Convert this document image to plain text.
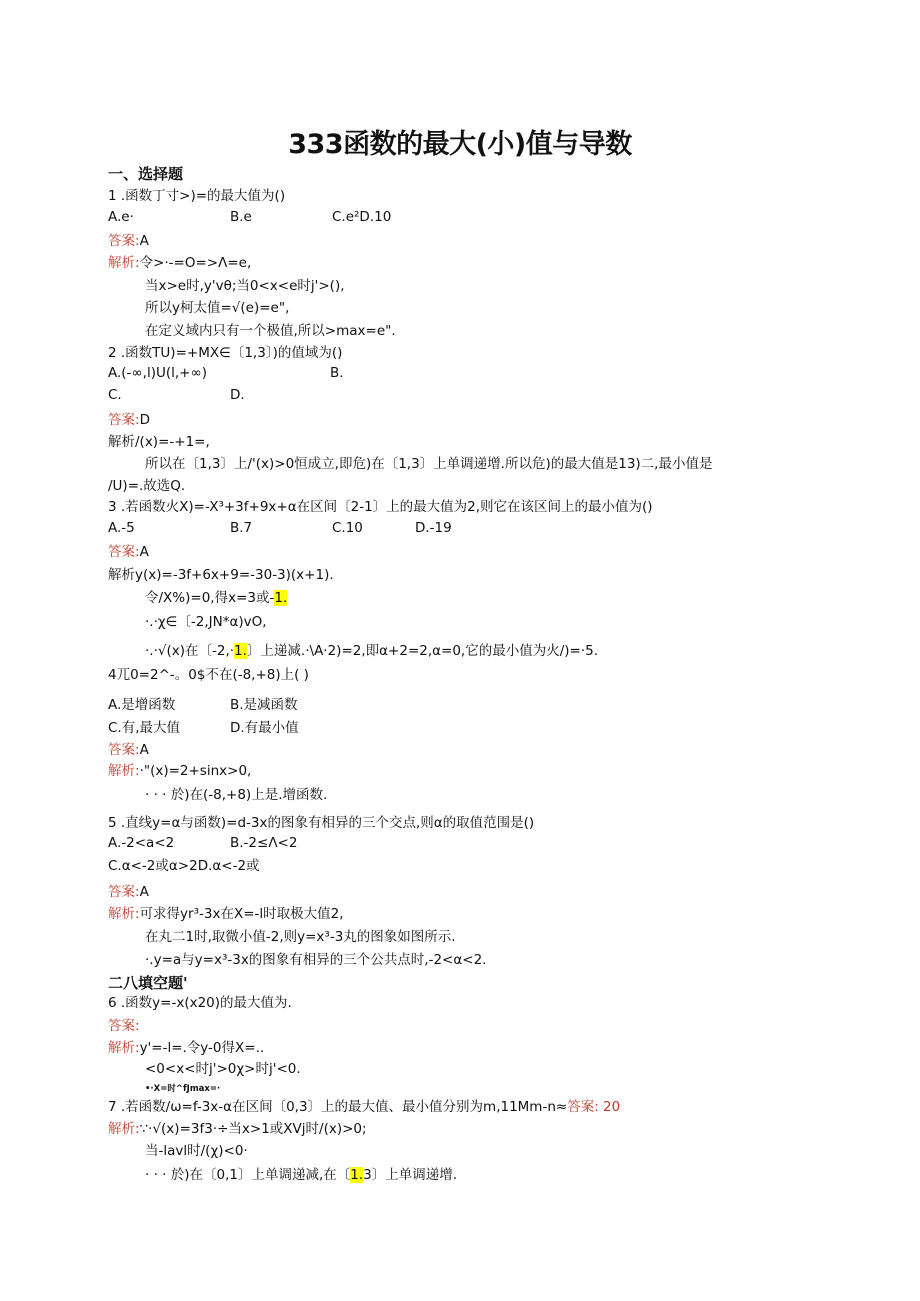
333函数的最大(小)值与导数
一、选择题
1 .函数丁寸>)=的最大值为()
A.e·	B.e	C.e²D.10
答案:A
解析:令>·-=O=>Λ=e,
当x>e时,y'vθ;当0<x<e时j'>(),
所以y柯太值=√(e)=e",
在定义域内只有一个极值,所以>max=e".
2 .函数TU)=+MX∈〔1,3〕)的值域为()
A.(-∞,l)U(l,+∞)	B.
C.	D.
答案:D
解析/(x)=-+1=,
所以在〔1,3〕上/'(x)>0恒成立,即危)在〔1,3〕上单调递增.所以危)的最大值是13)二,最小值是
/U)=.故选Q.
3 .若函数火X)=-X³+3f+9x+α在区间〔2-1〕上的最大值为2,则它在该区间上的最小值为()
A.-5	B.7	C.10	D.-19
答案:A
解析y(x)=-3f+6x+9=-30-3)(x+1).
令/X%)=0,得x=3或-1.
·.·χ∈〔-2,JN*α)vO,
·.·√(x)在〔-2,·1.〕上递减.·\A·2)=2,即α+2=2,α=0,它的最小值为火/)=·5.
4兀0=2^-。0$不在(-8,+8)上( )
A.是增函数	B.是减函数
C.有,最大值	D.有最小值
答案:A
解析:·"(x)=2+sinx>0,
· · · 於)在(-8,+8)上是.增函数.
5 .直线y=α与函数)=d-3x的图象有相异的三个交点,则α的取值范围是()
A.-2<a<2	B.-2≤Λ<2
C.α<-2或α>2D.α<-2或
答案:A
解析:可求得yr³-3x在X=-l时取极大值2,
在丸二1时,取微小值-2,则y=x³-3丸的图象如图所示.
·.y=a与y=x³-3x的图象有相异的三个公共点时,-2<α<2.
二八填空题'
6 .函数y=-x(x20)的最大值为.
答案:
解析:y'=-l=.令y-0得X=..
<0<x<时j'>0χ>时j'<0.
•·X=时^fJmax=·
7 .若函数/ω=f-3x-α在区间〔0,3〕上的最大值、最小值分别为m,11Mm-n≈答案: 20
解析:∵·√(x)=3f3·÷当x>1或XVj时/(x)>0;
当-lavl时/(χ)<0·
· · · 於)在〔0,1〕上单调递减,在〔1.3〕上单调递增.
